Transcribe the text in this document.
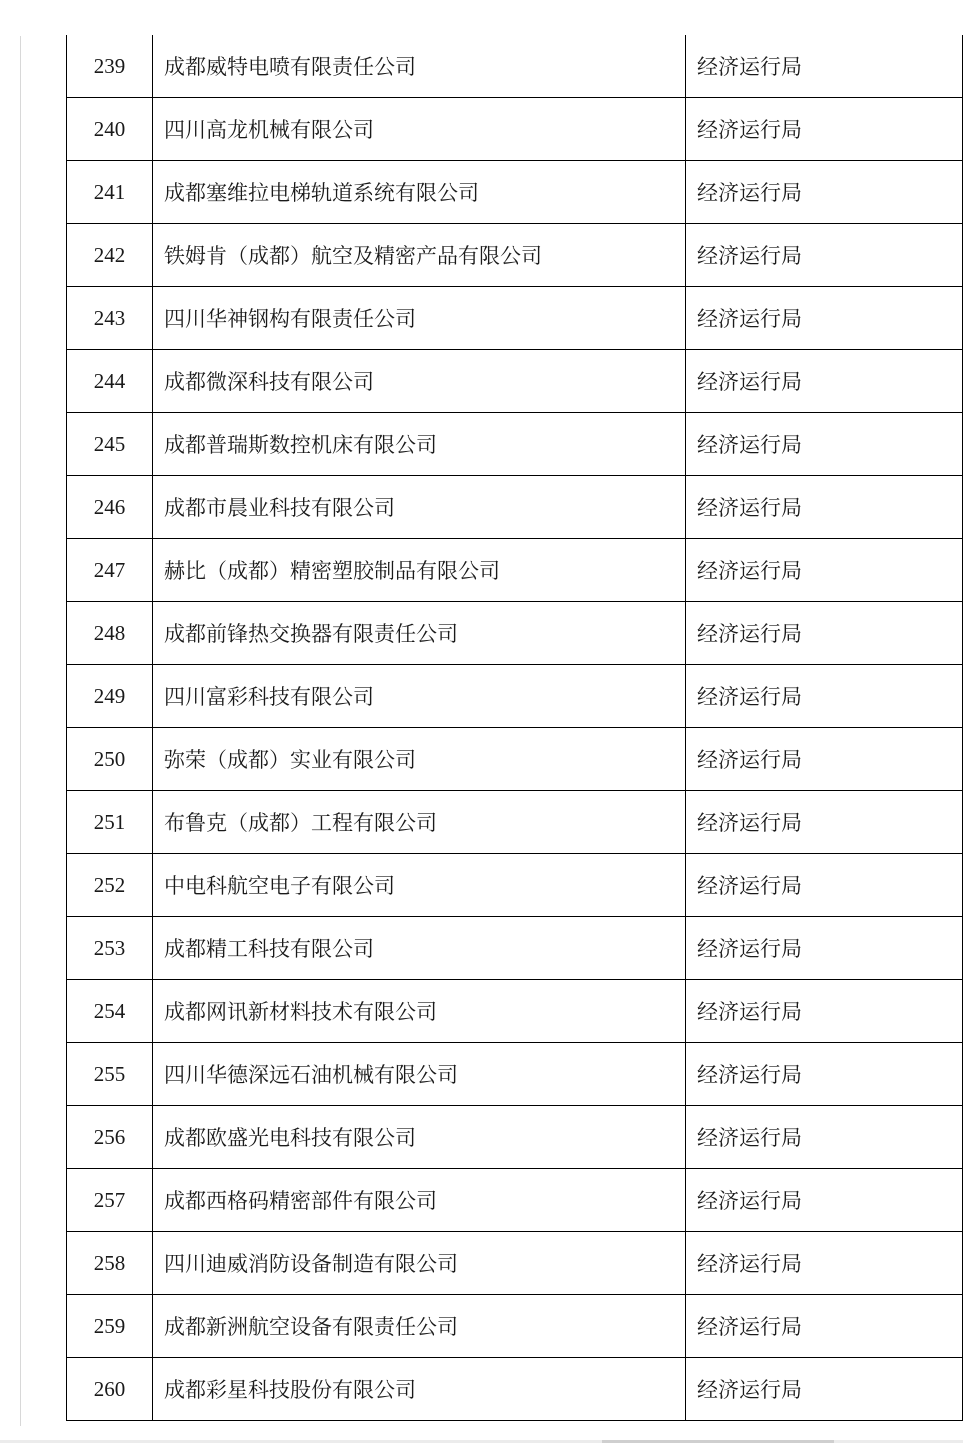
239	成都威特电喷有限责任公司	经济运行局
240	四川高龙机械有限公司	经济运行局
241	成都塞维拉电梯轨道系统有限公司	经济运行局
242	铁姆肯（成都）航空及精密产品有限公司	经济运行局
243	四川华神钢构有限责任公司	经济运行局
244	成都微深科技有限公司	经济运行局
245	成都普瑞斯数控机床有限公司	经济运行局
246	成都市晨业科技有限公司	经济运行局
247	赫比（成都）精密塑胶制品有限公司	经济运行局
248	成都前锋热交换器有限责任公司	经济运行局
249	四川富彩科技有限公司	经济运行局
250	弥荣（成都）实业有限公司	经济运行局
251	布鲁克（成都）工程有限公司	经济运行局
252	中电科航空电子有限公司	经济运行局
253	成都精工科技有限公司	经济运行局
254	成都网讯新材料技术有限公司	经济运行局
255	四川华德深远石油机械有限公司	经济运行局
256	成都欧盛光电科技有限公司	经济运行局
257	成都西格码精密部件有限公司	经济运行局
258	四川迪威消防设备制造有限公司	经济运行局
259	成都新洲航空设备有限责任公司	经济运行局
260	成都彩星科技股份有限公司	经济运行局
